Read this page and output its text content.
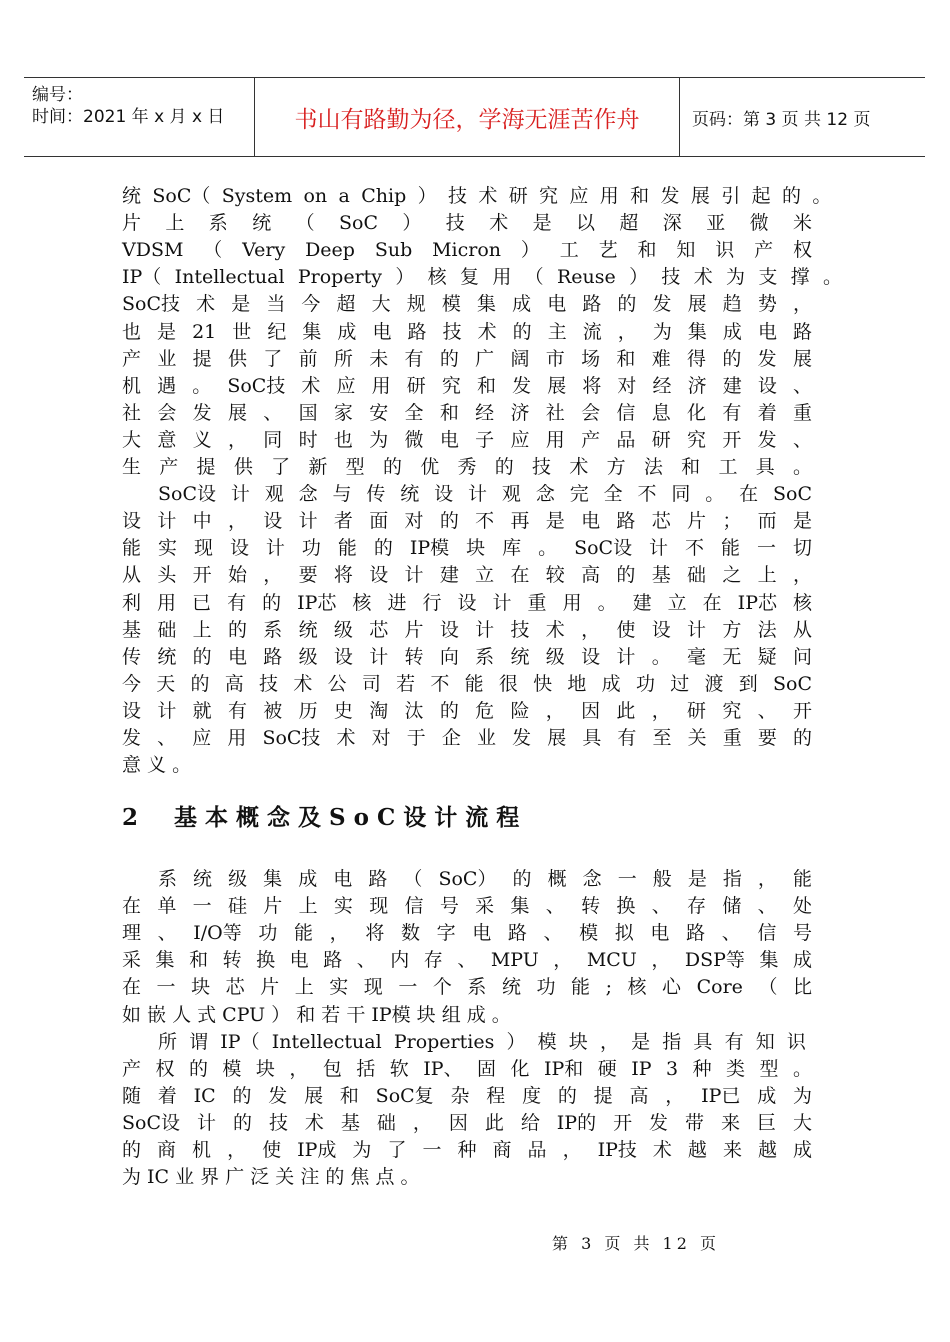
编号：
时间：2021 年 x 月 x 日	书山有路勤为径，学海无涯苦作舟	页码：第 3 页 共 12 页
统 SoC（ System on a Chip ） 技 术 研 究 应 用 和 发 展 引 起 的 。
片 上 系 统 （ SoC ） 技 术 是 以 超 深 亚 微 米
VDSM （ Very Deep Sub Micron ） 工 艺 和 知 识 产 权
IP（ Intellectual Property ） 核 复 用 （ Reuse ） 技 术 为 支 撑 。
SoC技 术 是 当 今 超 大 规 模 集 成 电 路 的 发 展 趋 势 ，
也 是 21 世 纪 集 成 电 路 技 术 的 主 流 ， 为 集 成 电 路
产 业 提 供 了 前 所 未 有 的 广 阔 市 场 和 难 得 的 发 展
机 遇 。 SoC技 术 应 用 研 究 和 发 展 将 对 经 济 建 设 、
社 会 发 展 、 国 家 安 全 和 经 济 社 会 信 息 化 有 着 重
大 意 义 ， 同 时 也 为 微 电 子 应 用 产 品 研 究 开 发 、
生 产 提 供 了 新 型 的 优 秀 的 技 术 方 法 和 工 具 。
SoC设 计 观 念 与 传 统 设 计 观 念 完 全 不 同 。 在 SoC
设 计 中 ， 设 计 者 面 对 的 不 再 是 电 路 芯 片 ； 而 是
能 实 现 设 计 功 能 的 IP模 块 库 。 SoC设 计 不 能 一 切
从 头 开 始 ， 要 将 设 计 建 立 在 较 高 的 基 础 之 上 ，
利 用 已 有 的 IP芯 核 进 行 设 计 重 用 。 建 立 在 IP芯 核
基 础 上 的 系 统 级 芯 片 设 计 技 术 ， 使 设 计 方 法 从
传 统 的 电 路 级 设 计 转 向 系 统 级 设 计 。 毫 无 疑 问
今 天 的 高 技 术 公 司 若 不 能 很 快 地 成 功 过 渡 到 SoC
设 计 就 有 被 历 史 淘 汰 的 危 险 ， 因 此 ， 研 究 、 开
发 、 应 用 SoC技 术 对 于 企 业 发 展 具 有 至 关 重 要 的
意 义 。
系 统 级 集 成 电 路 （ SoC） 的 概 念 一 般 是 指 ， 能
在 单 一 硅 片 上 实 现 信 号 采 集 、 转 换 、 存 储 、 处
理 、 I/O等 功 能 ， 将 数 字 电 路 、 模 拟 电 路 、 信 号
采 集 和 转 换 电 路 、 内 存 、 MPU ， MCU ， DSP等 集 成
在 一 块 芯 片 上 实 现 一 个 系 统 功 能 ; 核 心 Core （ 比
如 嵌 人 式 CPU ） 和 若 干 IP模 块 组 成 。
所 谓 IP（ Intellectual Properties ） 模 块 ， 是 指 具 有 知 识
产 权 的 模 块 ， 包 括 软 IP、 固 化 IP和 硬 IP 3 种 类 型 。
随 着 IC 的 发 展 和 SoC复 杂 程 度 的 提 高 ， IP已 成 为
SoC设 计 的 技 术 基 础 ， 因 此 给 IP的 开 发 带 来 巨 大
的 商 机 ， 使 IP成 为 了 一 种 商 品 ， IP技 术 越 来 越 成
为 IC 业 界 广 泛 关 注 的 焦 点 。
2 基本概念及SoC设计流程
第 3 页 共 12 页
